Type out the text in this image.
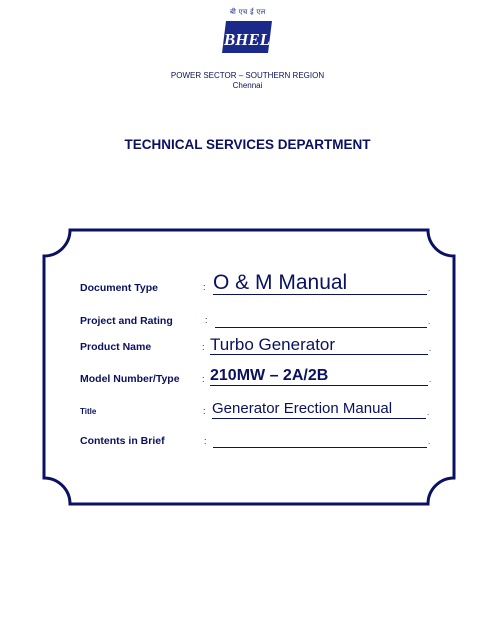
बी एच ई एल
BHEL
POWER SECTOR – SOUTHERN REGION
Chennai
TECHNICAL SERVICES DEPARTMENT
Document Type	: O & M Manual	.
Project and Rating	:	.
Product Name	: Turbo Generator	.
Model Number/Type : 210MW – 2A/2B	.
Title	: Generator Erection Manual	.
Contents in Brief	:	.
